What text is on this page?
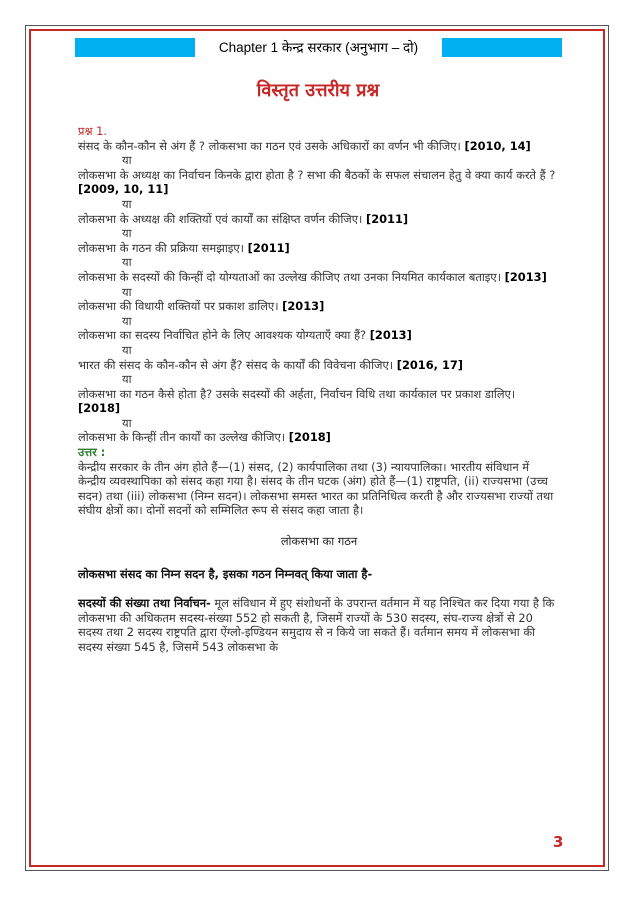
Chapter 1 केन्द्र सरकार (अनुभाग – दो)
विस्तृत उत्तरीय प्रश्न

प्रश्न 1.

संसद के कौन-कौन से अंग हैं ? लोकसभा का गठन एवं उसके अधिकारों का वर्णन भी कीजिए। [2010, 14]

या

लोकसभा के अध्यक्ष का निर्वाचन किनके द्वारा होता है ? सभा की बैठकों के सफल संचालन हेतु वे क्या कार्य करते हैं ? [2009, 10, 11]

या

लोकसभा के अध्यक्ष की शक्तियों एवं कार्यों का संक्षिप्त वर्णन कीजिए। [2011]

या

लोकसभा के गठन की प्रक्रिया समझाइए। [2011]

या

लोकसभा के सदस्यों की किन्हीं दो योग्यताओं का उल्लेख कीजिए तथा उनका नियमित कार्यकाल बताइए। [2013]

या

लोकसभा की विधायी शक्तियों पर प्रकाश डालिए। [2013]

या

लोकसभा का सदस्य निर्वाचित होने के लिए आवश्यक योग्यताएँ क्या हैं? [2013]

या

भारत की संसद के कौन-कौन से अंग हैं? संसद के कार्यों की विवेचना कीजिए। [2016, 17]

या

लोकसभा का गठन कैसे होता है? उसके सदस्यों की अर्हता, निर्वाचन विधि तथा कार्यकाल पर प्रकाश डालिए। [2018]

या

लोकसभा के किन्हीं तीन कार्यों का उल्लेख कीजिए। [2018]

उत्तर :

केन्द्रीय सरकार के तीन अंग होते हैं—(1) संसद, (2) कार्यपालिका तथा (3) न्यायपालिका। भारतीय संविधान में केन्द्रीय व्यवस्थापिका को संसद कहा गया है। संसद के तीन घटक (अंग) होते हैं—(1) राष्ट्रपति, (ii) राज्यसभा (उच्च सदन) तथा (iii) लोकसभा (निम्न सदन)। लोकसभा समस्त भारत का प्रतिनिधित्व करती है और राज्यसभा राज्यों तथा संघीय क्षेत्रों का। दोनों सदनों को सम्मिलित रूप से संसद कहा जाता है।

लोकसभा का गठन

लोकसभा संसद का निम्न सदन है, इसका गठन निम्नवत् किया जाता है-

सदस्यों की संख्या तथा निर्वाचन- मूल संविधान में हुए संशोधनों के उपरान्त वर्तमान में यह निश्चित कर दिया गया है कि लोकसभा की अधिकतम सदस्य-संख्या 552 हो सकती है, जिसमें राज्यों के 530 सदस्य, संघ-राज्य क्षेत्रों से 20 सदस्य तथा 2 सदस्य राष्ट्रपति द्वारा ऐंग्लो-इण्डियन समुदाय से न किये जा सकते हैं। वर्तमान समय में लोकसभा की सदस्य संख्या 545 है, जिसमें 543 लोकसभा के

3
